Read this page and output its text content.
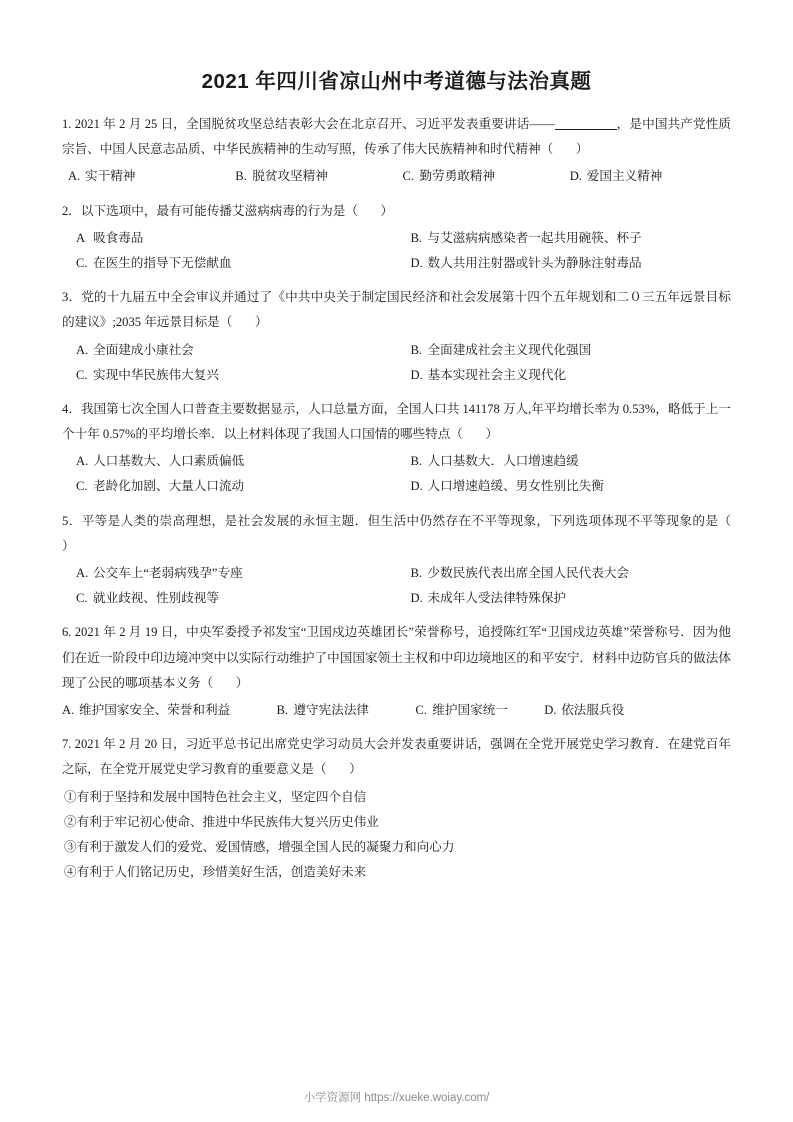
2021 年四川省凉山州中考道德与法治真题

1. 2021 年 2 月 25 日，全国脱贫攻坚总结表彰大会在北京召开、习近平发表重要讲话——	，是中国共产党性质宗旨、中国人民意志品质、中华民族精神的生动写照，传承了伟大民族精神和时代精神（　 ）

A. 实干精神	B. 脱贫攻坚精神	C. 勤劳勇敢精神	D. 爱国主义精神

2．以下选项中，最有可能传播艾滋病病毒的行为是（　 ）

A 吸食毒品	B. 与艾滋病病感染者一起共用碗筷、杯子
C. 在医生的指导下无偿献血	D. 数人共用注射器或针头为静脉注射毒品

3．党的十九届五中全会审议并通过了《中共中央关于制定国民经济和社会发展第十四个五年规划和二０三五年远景目标的建议》;2035 年远景目标是（　 ）

A. 全面建成小康社会	B. 全面建成社会主义现代化强国
C. 实现中华民族伟大复兴	D. 基本实现社会主义现代化

4．我国第七次全国人口普查主要数据显示，人口总量方面，全国人口共 141178 万人,年平均增长率为 0.53%，略低于上一个十年 0.57%的平均增长率．以上材料体现了我国人口国情的哪些特点（　 ）

A. 人口基数大、人口素质偏低	B. 人口基数大．人口增速趋缓
C. 老龄化加剧、大量人口流动	D. 人口增速趋缓、男女性别比失衡

5．平等是人类的崇高理想，是社会发展的永恒主题．但生活中仍然存在不平等现象，下列选项体现不平等现象的是（　）

A. 公交车上“老弱病残孕”专座	B. 少数民族代表出席全国人民代表大会
C. 就业歧视、性别歧视等	D. 未成年人受法律特殊保护

6. 2021 年 2 月 19 日，中央军委授予祁发宝“卫国戍边英雄团长”荣誉称号，追授陈红军“卫国戍边英雄”荣誉称号．因为他们在近一阶段中印边境冲突中以实际行动维护了中国国家领土主权和中印边境地区的和平安宁．材料中边防官兵的做法体现了公民的哪项基本义务（　 ）

A. 维护国家安全、荣誉和利益	B. 遵守宪法法律	C. 维护国家统一	D. 依法服兵役

7. 2021 年 2 月 20 日，习近平总书记出席党史学习动员大会并发表重要讲话，强调在全党开展党史学习教育．在建党百年之际，在全党开展党史学习教育的重要意义是（　 ）

①有利于坚持和发展中国特色社会主义，坚定四个自信
②有利于牢记初心使命、推进中华民族伟大复兴历史伟业
③有利于激发人们的爱党、爱国情感，增强全国人民的凝聚力和向心力
④有利于人们铭记历史，珍惜美好生活，创造美好未来
小学资源网 https://xueke.woiay.com/
